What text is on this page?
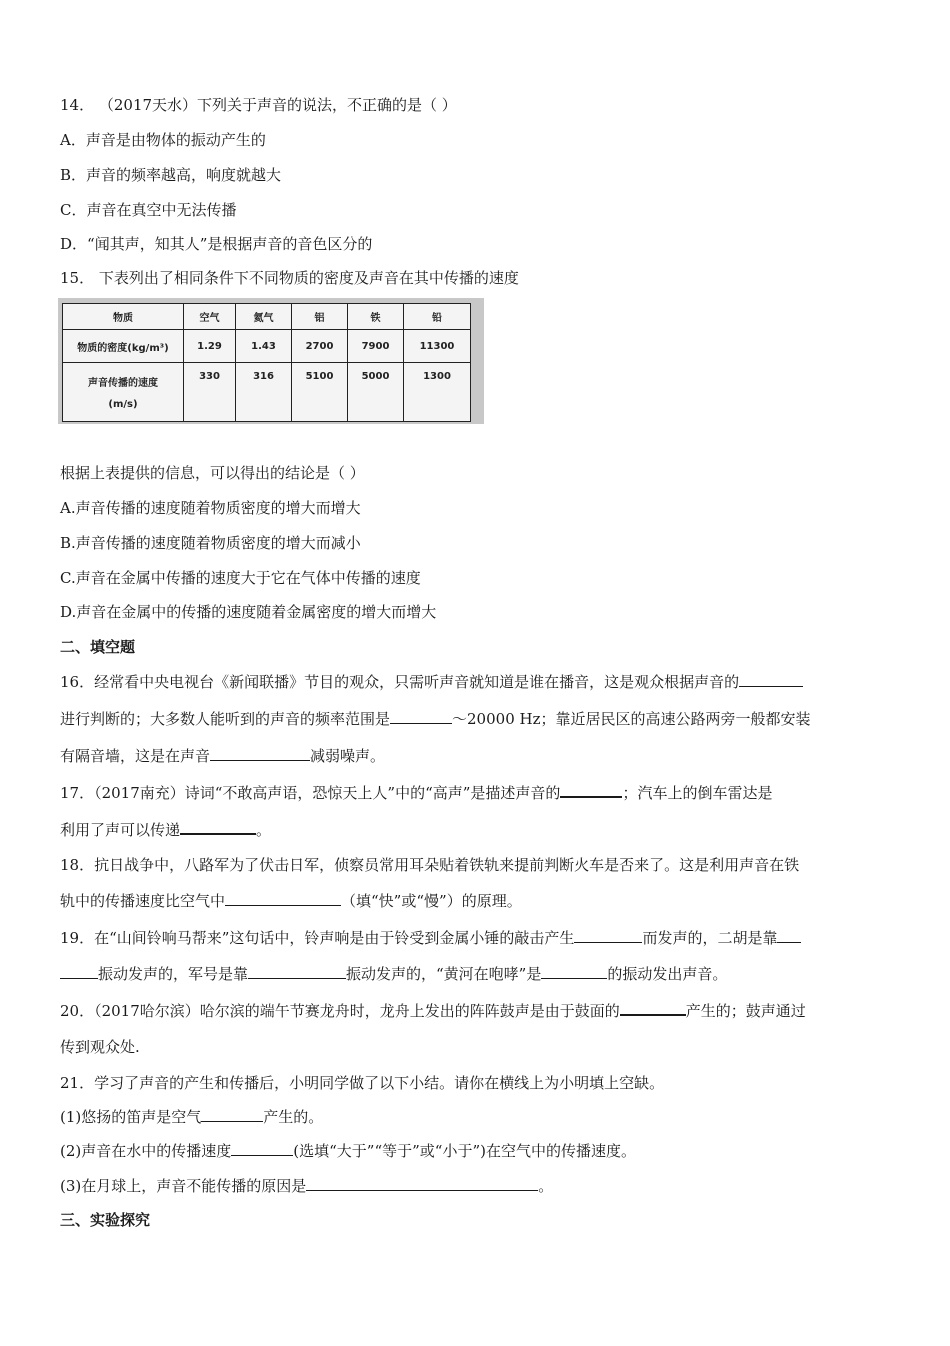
14． （2017天水）下列关于声音的说法，不正确的是（ ）
A．声音是由物体的振动产生的
B．声音的频率越高，响度就越大
C．声音在真空中无法传播
D．“闻其声，知其人”是根据声音的音色区分的
15． 下表列出了相同条件下不同物质的密度及声音在其中传播的速度
物质	空气	氦气	铝	铁	铅
物质的密度(kg/m³)	1.29	1.43	2700	7900	11300

声音传播的速度
(m/s)	330	316	5100	5000	1300
根据上表提供的信息，可以得出的结论是（ ）
A.声音传播的速度随着物质密度的增大而增大
B.声音传播的速度随着物质密度的增大而减小
C.声音在金属中传播的速度大于它在气体中传播的速度
D.声音在金属中的传播的速度随着金属密度的增大而增大
二、填空题
16．经常看中央电视台《新闻联播》节目的观众，只需听声音就知道是谁在播音，这是观众根据声音的
进行判断的；大多数人能听到的声音的频率范围是	～20000 Hz；靠近居民区的高速公路两旁一般都安装
有隔音墙，这是在声音	减弱噪声。
17．（2017南充）诗词“不敢高声语，恐惊天上人”中的“高声”是描述声音的	；汽车上的倒车雷达是
利用了声可以传递	。
18．抗日战争中，八路军为了伏击日军，侦察员常用耳朵贴着铁轨来提前判断火车是否来了。这是利用声音在铁
轨中的传播速度比空气中	（填“快”或“慢”）的原理。
19．在“山间铃响马帮来”这句话中，铃声响是由于铃受到金属小锤的敲击产生	而发声的，二胡是靠
振动发声的，军号是靠	振动发声的，“黄河在咆哮”是	的振动发出声音。
20．（2017哈尔滨）哈尔滨的端午节赛龙舟时，龙舟上发出的阵阵鼓声是由于鼓面的	产生的；鼓声通过
传到观众处.
21．学习了声音的产生和传播后，小明同学做了以下小结。请你在横线上为小明填上空缺。
(1)悠扬的笛声是空气	产生的。
(2)声音在水中的传播速度	(选填“大于”“等于”或“小于”)在空气中的传播速度。
(3)在月球上，声音不能传播的原因是	。
三、实验探究
